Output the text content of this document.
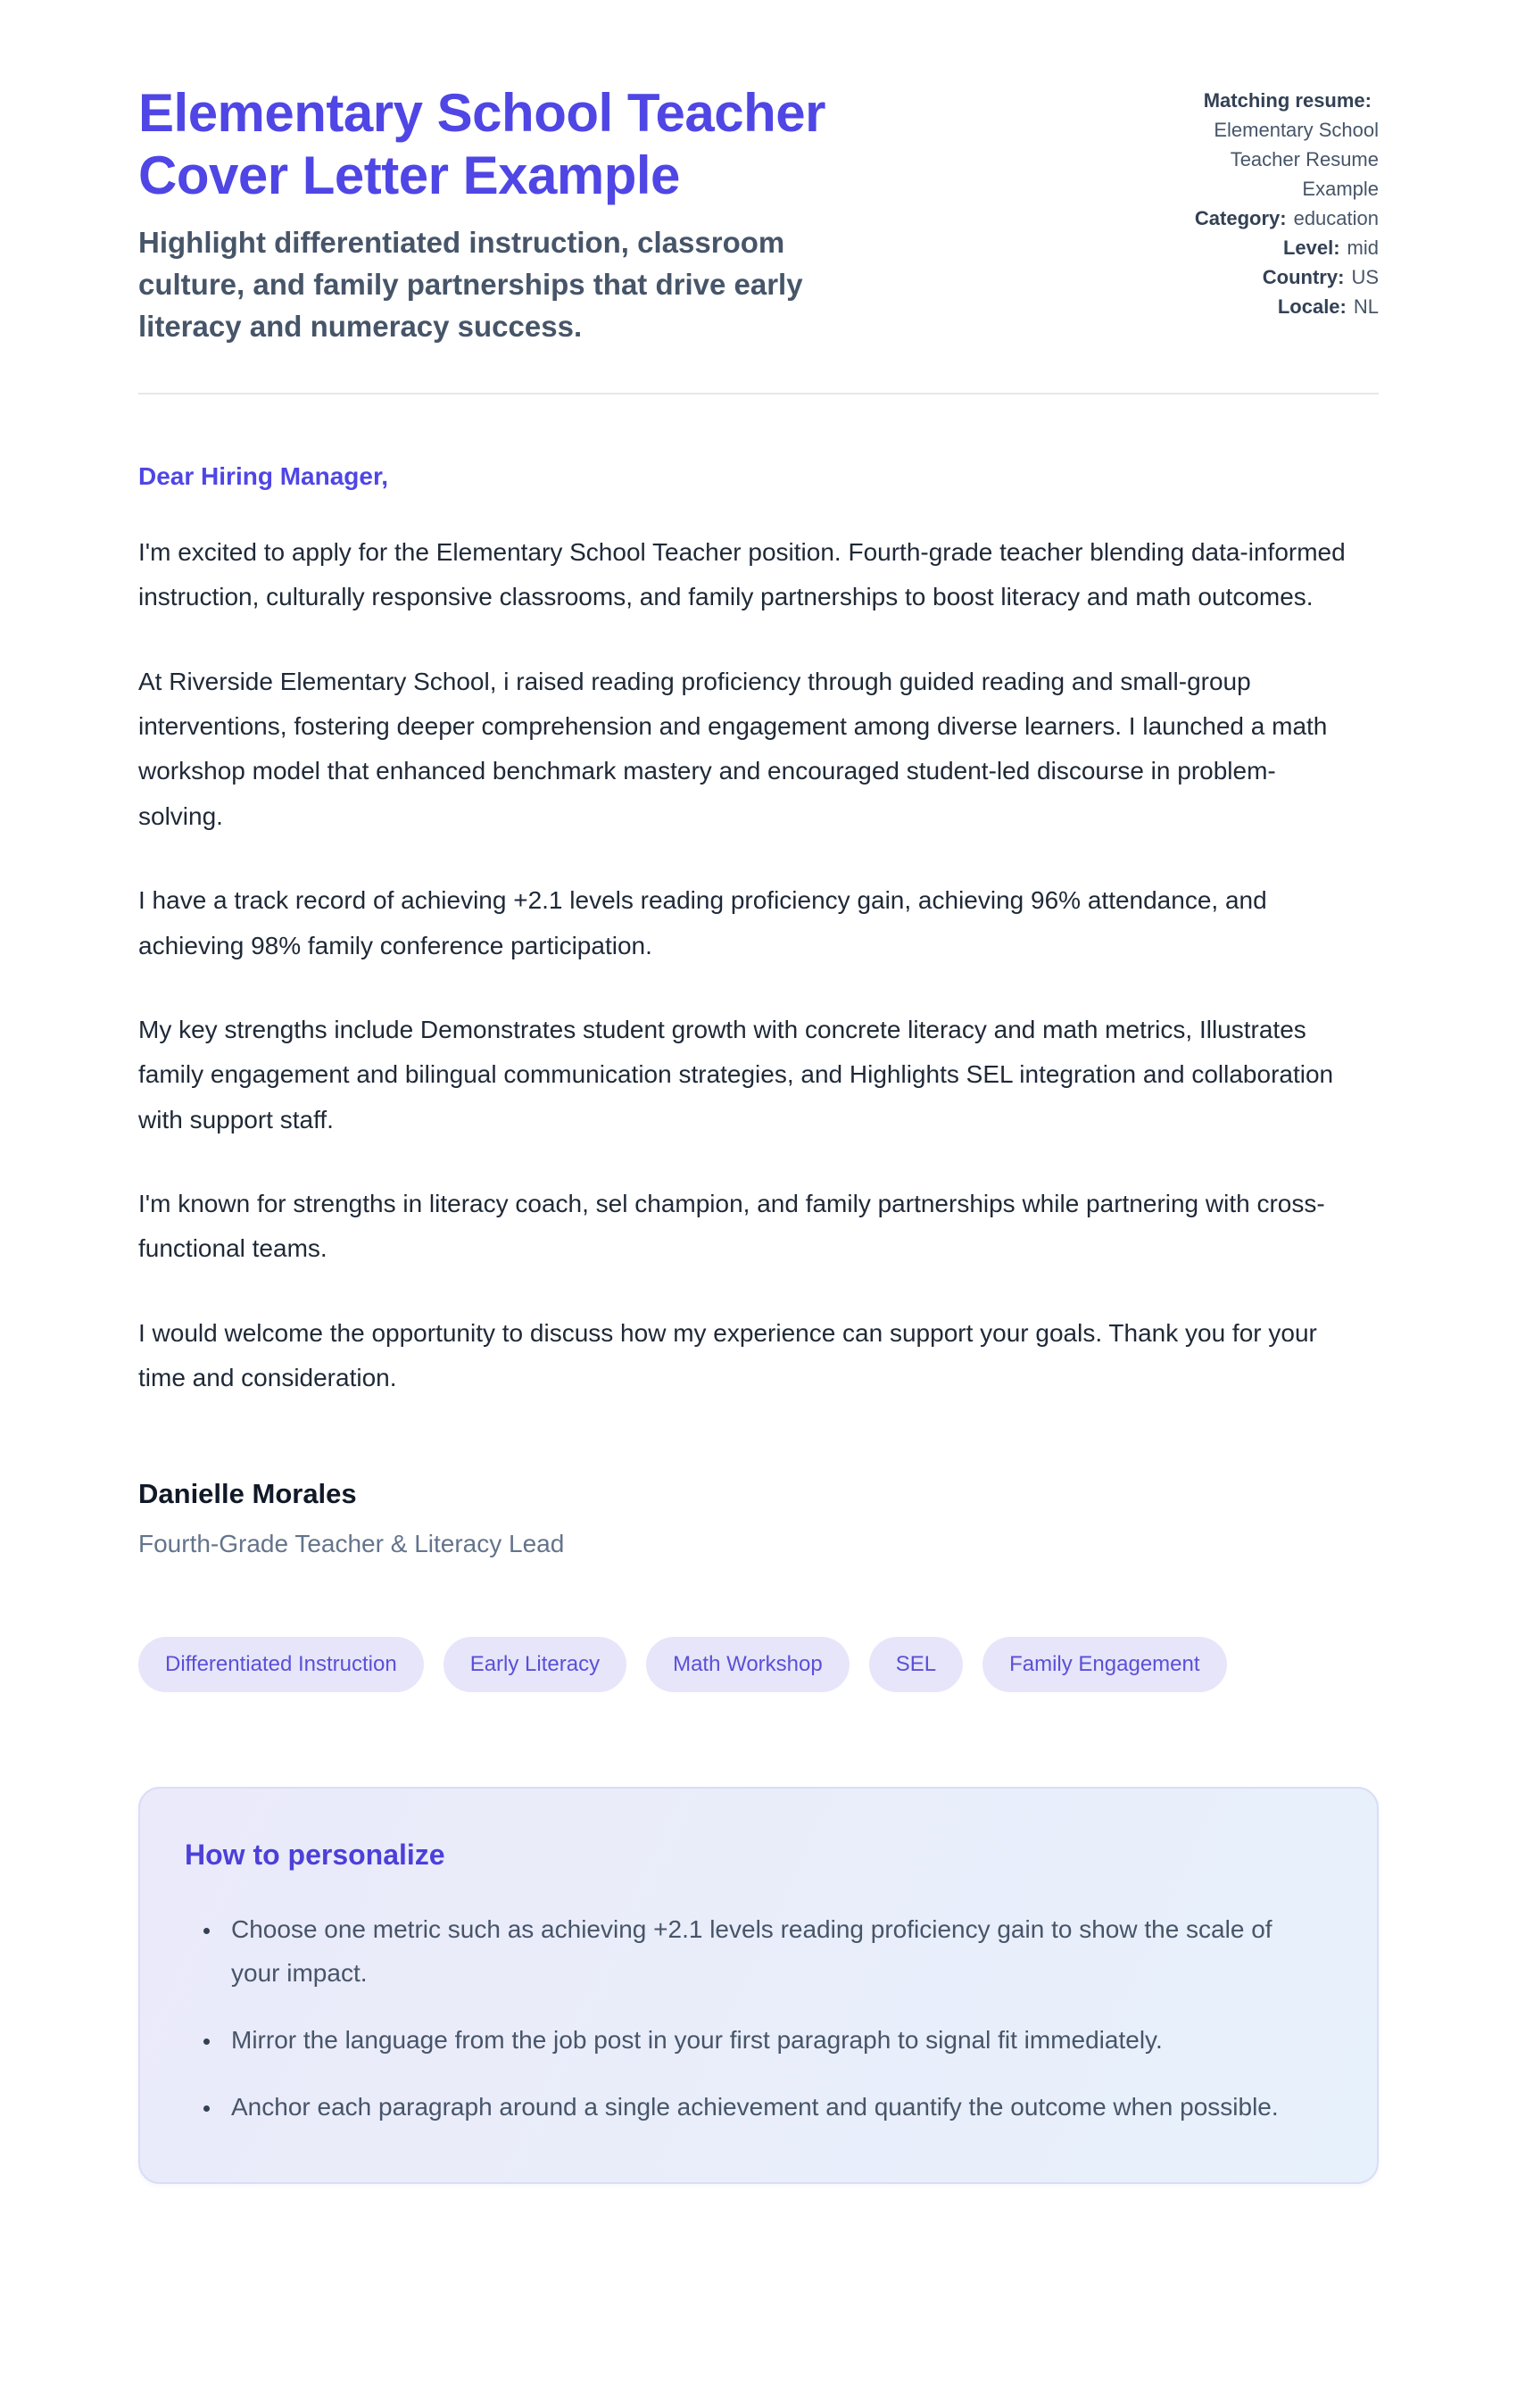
Elementary School Teacher Cover Letter Example
Highlight differentiated instruction, classroom culture, and family partnerships that drive early literacy and numeracy success.
Matching resume:
Elementary School Teacher Resume Example
Category: education
Level: mid
Country: US
Locale: NL

Dear Hiring Manager,

I'm excited to apply for the Elementary School Teacher position. Fourth-grade teacher blending data-informed instruction, culturally responsive classrooms, and family partnerships to boost literacy and math outcomes.

At Riverside Elementary School, i raised reading proficiency through guided reading and small-group interventions, fostering deeper comprehension and engagement among diverse learners. I launched a math workshop model that enhanced benchmark mastery and encouraged student-led discourse in problem-solving.

I have a track record of achieving +2.1 levels reading proficiency gain, achieving 96% attendance, and achieving 98% family conference participation.

My key strengths include Demonstrates student growth with concrete literacy and math metrics, Illustrates family engagement and bilingual communication strategies, and Highlights SEL integration and collaboration with support staff.

I'm known for strengths in literacy coach, sel champion, and family partnerships while partnering with cross-functional teams.

I would welcome the opportunity to discuss how my experience can support your goals. Thank you for your time and consideration.

Danielle Morales
Fourth-Grade Teacher & Literacy Lead
Differentiated Instruction	Early Literacy	Math Workshop	SEL	Family Engagement
How to personalize
• Choose one metric such as achieving +2.1 levels reading proficiency gain to show the scale of your impact.
• Mirror the language from the job post in your first paragraph to signal fit immediately.
• Anchor each paragraph around a single achievement and quantify the outcome when possible.
